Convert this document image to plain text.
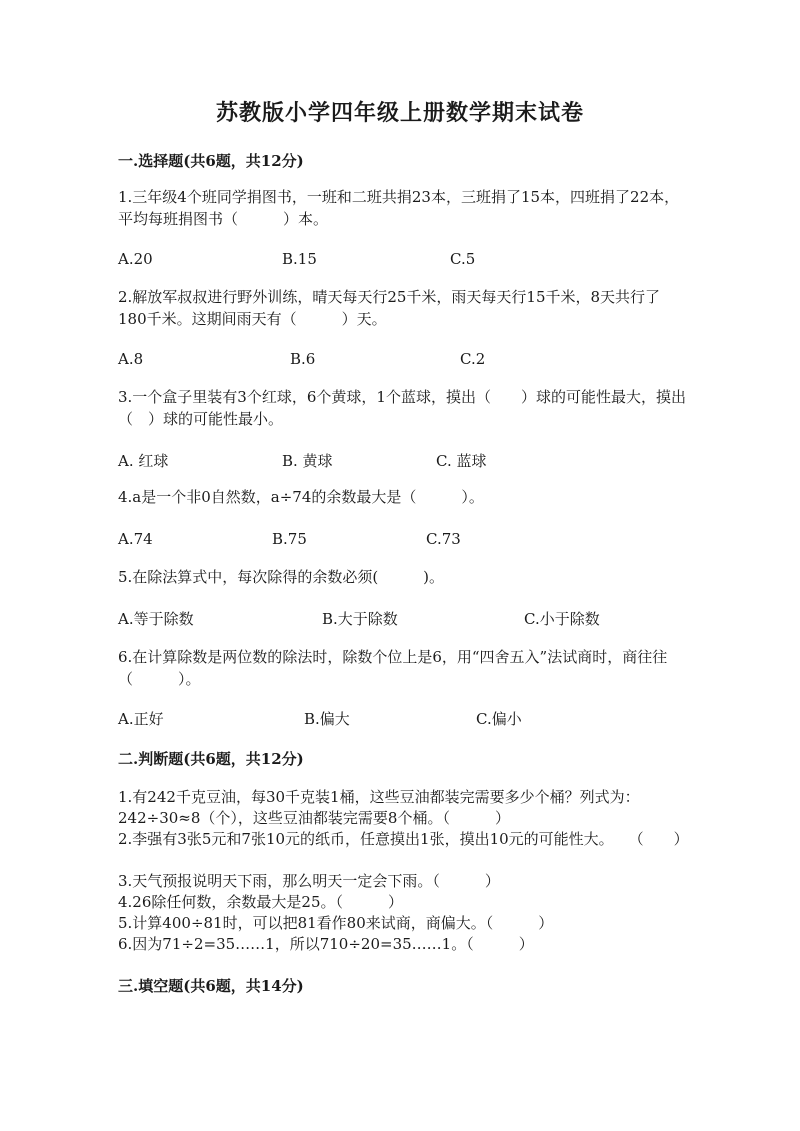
苏教版小学四年级上册数学期末试卷
一.选择题(共6题，共12分)
1.三年级4个班同学捐图书，一班和二班共捐23本，三班捐了15本，四班捐了22本，平均每班捐图书（　　　）本。
A.20	B.15	C.5
2.解放军叔叔进行野外训练，晴天每天行25千米，雨天每天行15千米，8天共行了180千米。这期间雨天有（　　　）天。
A.8	B.6	C.2
3.一个盒子里装有3个红球，6个黄球，1个蓝球，摸出（　　）球的可能性最大，摸出（　）球的可能性最小。
A. 红球	B. 黄球	C. 蓝球
4.a是一个非0自然数，a÷74的余数最大是（　　　）。
A.74	B.75	C.73
5.在除法算式中，每次除得的余数必须(　　　)。
A.等于除数	B.大于除数	C.小于除数
6.在计算除数是两位数的除法时，除数个位上是6，用“四舍五入”法试商时，商往往（　　　）。
A.正好	B.偏大	C.偏小
二.判断题(共6题，共12分)
1.有242千克豆油，每30千克装1桶，这些豆油都装完需要多少个桶？列式为：242÷30≈8（个），这些豆油都装完需要8个桶。（　　　）
2.李强有3张5元和7张10元的纸币，任意摸出1张，摸出10元的可能性大。　　（　　）
3.天气预报说明天下雨，那么明天一定会下雨。（　　　）
4.26除任何数，余数最大是25。（　　　）
5.计算400÷81时，可以把81看作80来试商，商偏大。（　　　）
6.因为71÷2=35……1，所以710÷20=35……1。（　　　）
三.填空题(共6题，共14分)
